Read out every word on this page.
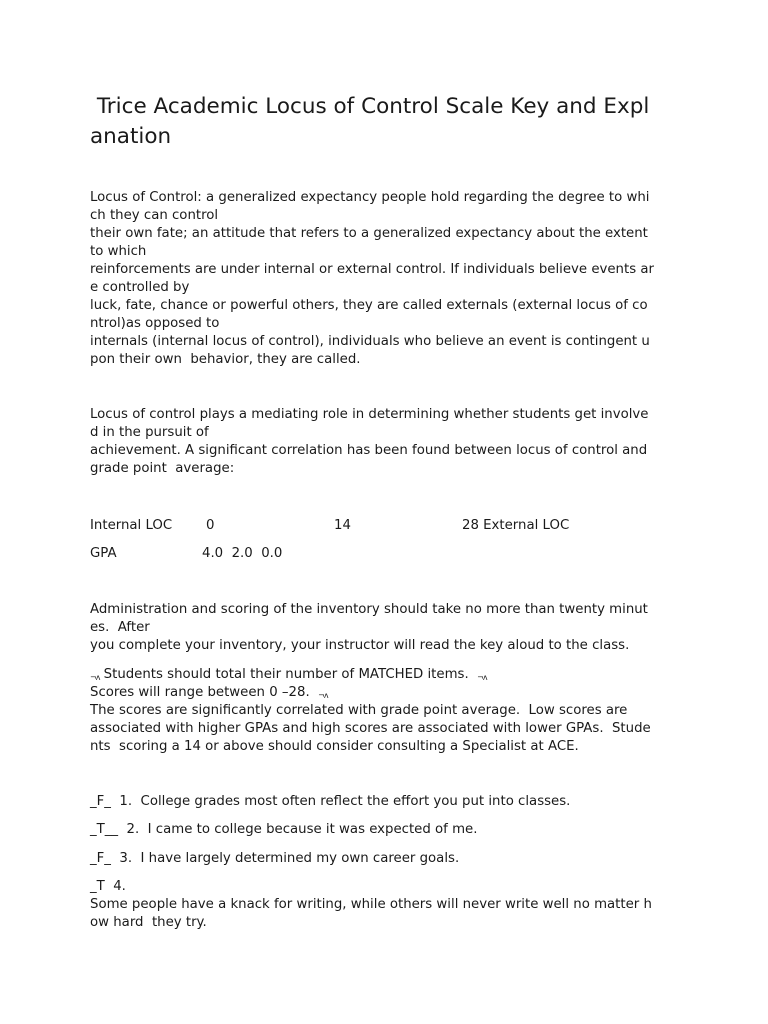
Trice Academic Locus of Control Scale Key and Expl
anation
Locus of Control: a generalized expectancy people hold regarding the degree to whi
ch they can control
their own fate; an attitude that refers to a generalized expectancy about the extent
to which
reinforcements are under internal or external control. If individuals believe events ar
e controlled by
luck, fate, chance or powerful others, they are called externals (external locus of co
ntrol)as opposed to
internals (internal locus of control), individuals who believe an event is contingent u
pon their own  behavior, they are called.
Locus of control plays a mediating role in determining whether students get involve
d in the pursuit of
achievement. A significant correlation has been found between locus of control and
grade point  average:
Internal LOC	0	14	28 External LOC
GPA	4.0  2.0  0.0
Administration and scoring of the inventory should take no more than twenty minut
es.  After
you complete your inventory, your instructor will read the key aloud to the class.
¬ʌ Students should total their number of MATCHED items.  ¬ʌ
Scores will range between 0 –28.  ¬ʌ
The scores are significantly correlated with grade point average.  Low scores are
associated with higher GPAs and high scores are associated with lower GPAs.  Stude
nts  scoring a 14 or above should consider consulting a Specialist at ACE.
_F_  1.  College grades most often reflect the effort you put into classes.
_T__  2.  I came to college because it was expected of me.
_F_  3.  I have largely determined my own career goals.
_T  4.
Some people have a knack for writing, while others will never write well no matter h
ow hard  they try.
